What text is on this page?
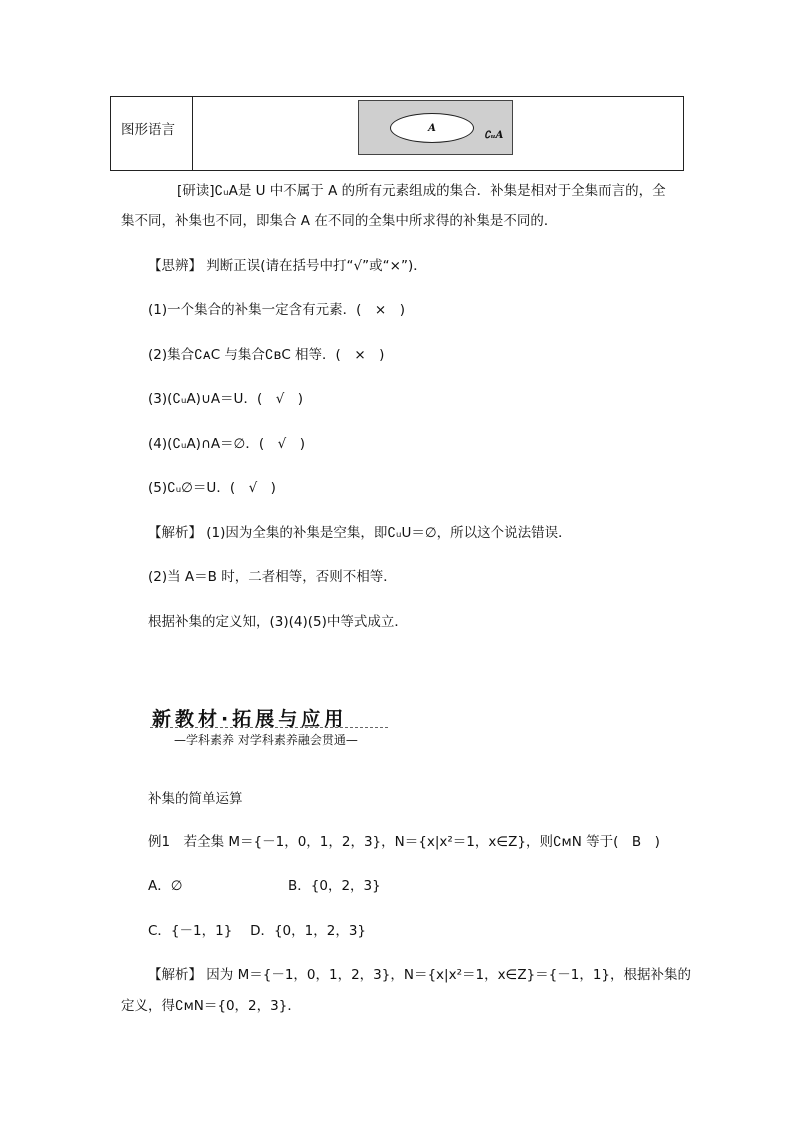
图形语言	A
∁ᵤA
[研读]∁ᵤA是 U 中不属于 A 的所有元素组成的集合．补集是相对于全集而言的，全
集不同，补集也不同，即集合 A 在不同的全集中所求得的补集是不同的．
【思辨】 判断正误(请在括号中打“√”或“×”)．
(1)一个集合的补集一定含有元素．(　×　)
(2)集合∁ᴀC 与集合∁ʙC 相等．(　×　)
(3)(∁ᵤA)∪A＝U．(　√　)
(4)(∁ᵤA)∩A＝∅．(　√　)
(5)∁ᵤ∅＝U．(　√　)
【解析】 (1)因为全集的补集是空集，即∁ᵤU＝∅，所以这个说法错误．
(2)当 A＝B 时，二者相等，否则不相等．
根据补集的定义知，(3)(4)(5)中等式成立．
新教材·拓展与应用
—学科素养 对学科素养融会贯通—
补集的简单运算
例1　若全集 M＝{－1，0，1，2，3}，N＝{x|x²＝1，x∈Z}，则∁ᴍN 等于(　B　)
A．∅	B．{0，2，3}
C．{－1，1}　 D．{0，1，2，3}
【解析】 因为 M＝{－1，0，1，2，3}，N＝{x|x²＝1，x∈Z}＝{－1，1}，根据补集的
定义，得∁ᴍN＝{0，2，3}．
